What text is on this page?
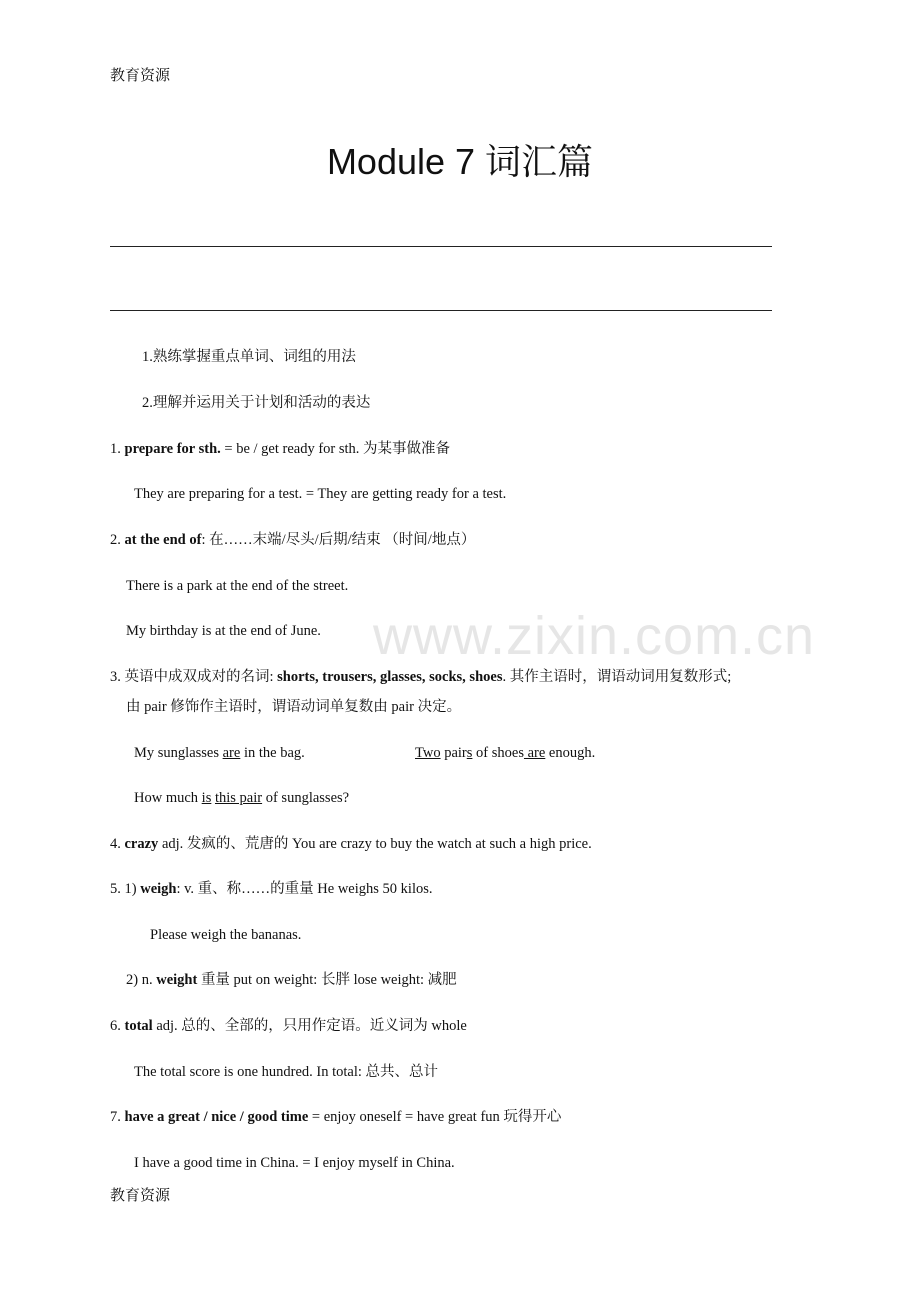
教育资源
Module 7 词汇篇
www.zixin.com.cn
1.熟练掌握重点单词、词组的用法
2.理解并运用关于计划和活动的表达
1. prepare for sth. = be / get ready for sth. 为某事做准备
They are preparing for a test. = They are getting ready for a test.
2. at the end of: 在……末端/尽头/后期/结束 （时间/地点）
There is a park at the end of the street.
My birthday is at the end of June.
3. 英语中成双成对的名词: shorts, trousers, glasses, socks, shoes. 其作主语时，谓语动词用复数形式;
由 pair 修饰作主语时，谓语动词单复数由 pair 决定。
My sunglasses are in the bag.	Two pairs of shoes are enough.
How much is this pair of sunglasses?
4. crazy adj. 发疯的、荒唐的 You are crazy to buy the watch at such a high price.
5. 1) weigh: v. 重、称……的重量 He weighs 50 kilos.
Please weigh the bananas.
2) n. weight 重量 put on weight: 长胖 lose weight: 减肥
6. total adj. 总的、全部的，只用作定语。近义词为 whole
The total score is one hundred. In total: 总共、总计
7. have a great / nice / good time = enjoy oneself = have great fun 玩得开心
I have a good time in China. = I enjoy myself in China.
教育资源
